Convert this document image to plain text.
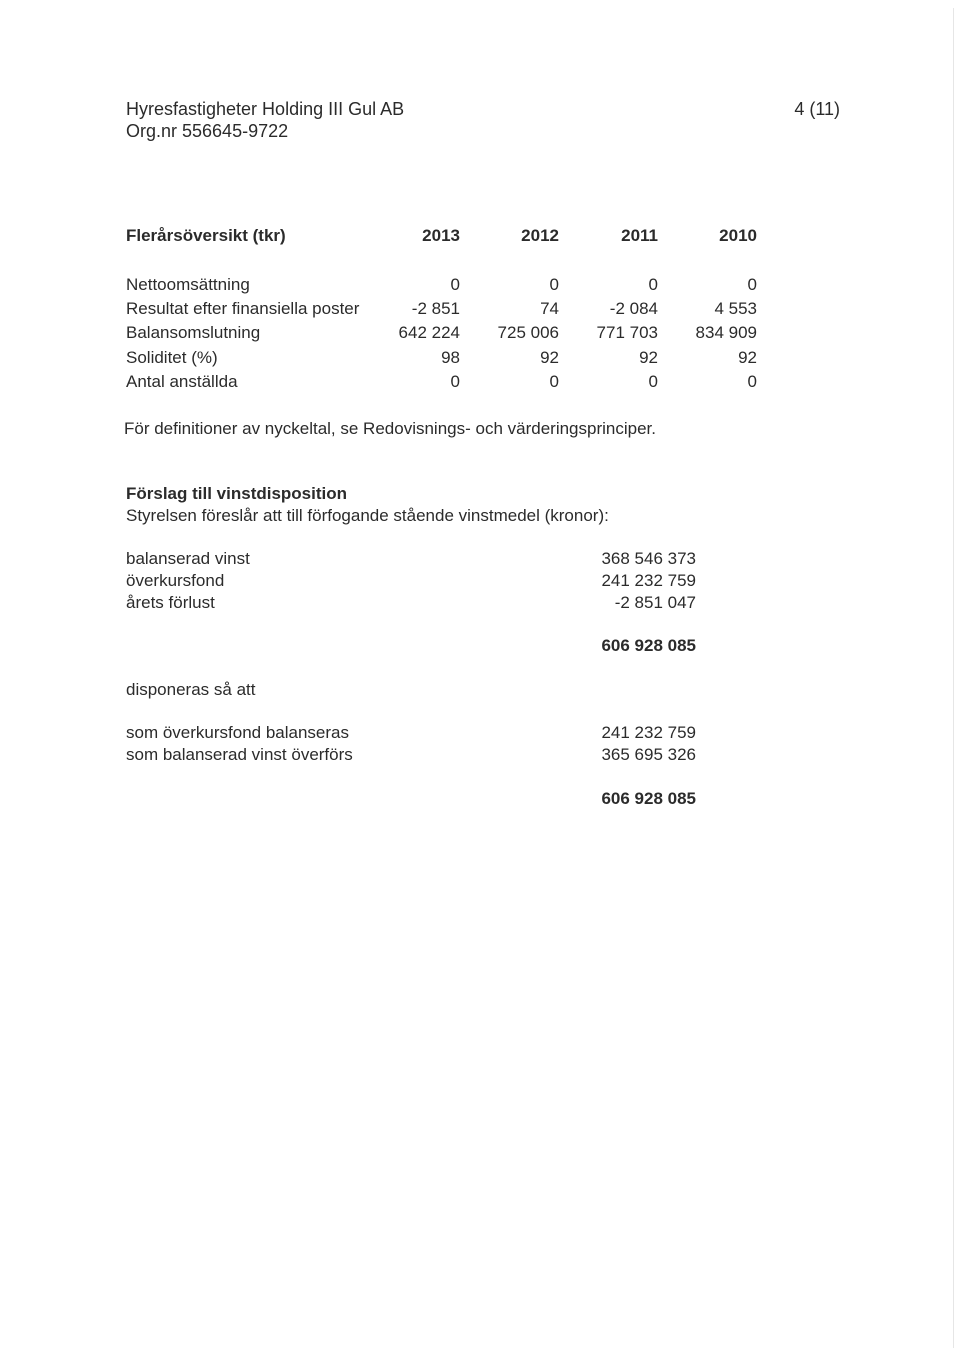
Hyresfastigheter Holding III Gul AB
Org.nr 556645-9722
4 (11)
Flerårsöversikt (tkr)	2013	2012	2011	2010
Nettoomsättning	0	0	0	0
Resultat efter finansiella poster	-2 851	74	-2 084	4 553
Balansomslutning	642 224	725 006	771 703	834 909
Soliditet (%)	98	92	92	92
Antal anställda	0	0	0	0
För definitioner av nyckeltal, se Redovisnings- och värderingsprinciper.
Förslag till vinstdisposition
Styrelsen föreslår att till förfogande stående vinstmedel (kronor):
balanserad vinst	368 546 373
överkursfond	241 232 759
årets förlust	-2 851 047
606 928 085
disponeras så att
som överkursfond balanseras	241 232 759
som balanserad vinst överförs	365 695 326
606 928 085
